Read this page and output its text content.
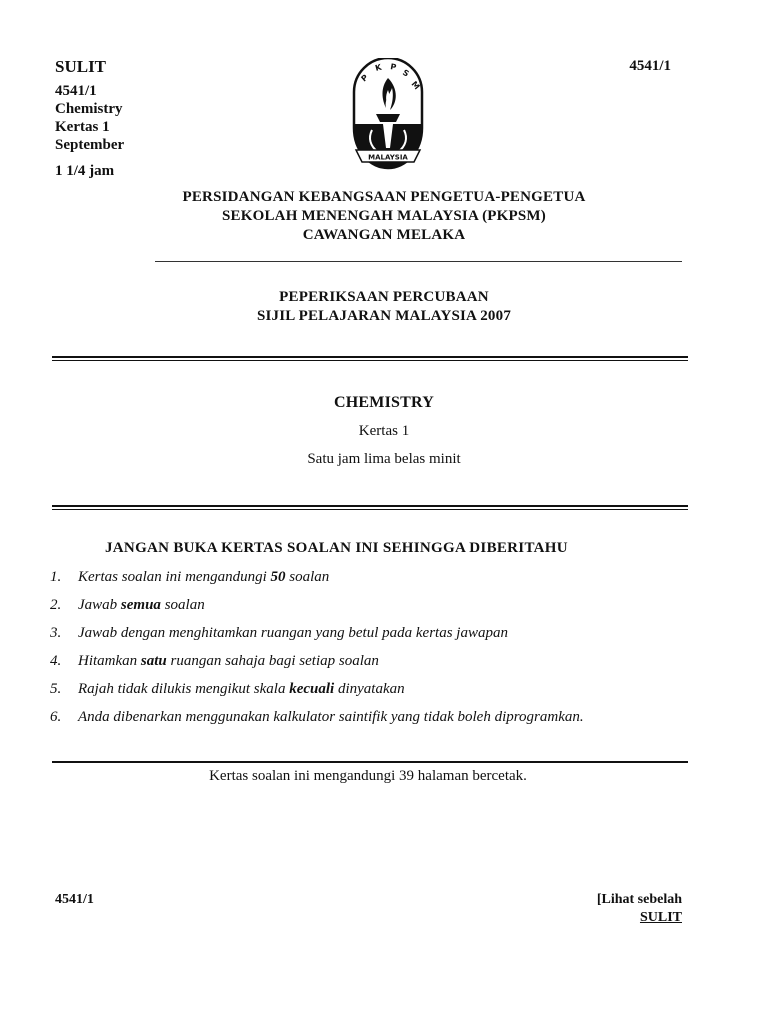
SULIT
4541/1
Chemistry
Kertas 1
September
1 1/4 jam
4541/1
P
K P
S
M
MALAYSIA
PERSIDANGAN KEBANGSAAN PENGETUA-PENGETUA
SEKOLAH MENENGAH MALAYSIA (PKPSM)
CAWANGAN MELAKA
PEPERIKSAAN PERCUBAAN
SIJIL PELAJARAN MALAYSIA 2007
CHEMISTRY
Kertas 1
Satu jam lima belas minit
JANGAN BUKA KERTAS SOALAN INI SEHINGGA DIBERITAHU
1. Kertas soalan ini mengandungi 50 soalan
2. Jawab semua soalan
3. Jawab dengan menghitamkan ruangan yang betul pada kertas jawapan
4. Hitamkan satu ruangan sahaja bagi setiap soalan
5. Rajah tidak dilukis mengikut skala kecuali dinyatakan
6. Anda dibenarkan menggunakan kalkulator saintifik yang tidak boleh diprogramkan.
Kertas soalan ini mengandungi 39 halaman bercetak.
4541/1	[Lihat sebelah
SULIT
